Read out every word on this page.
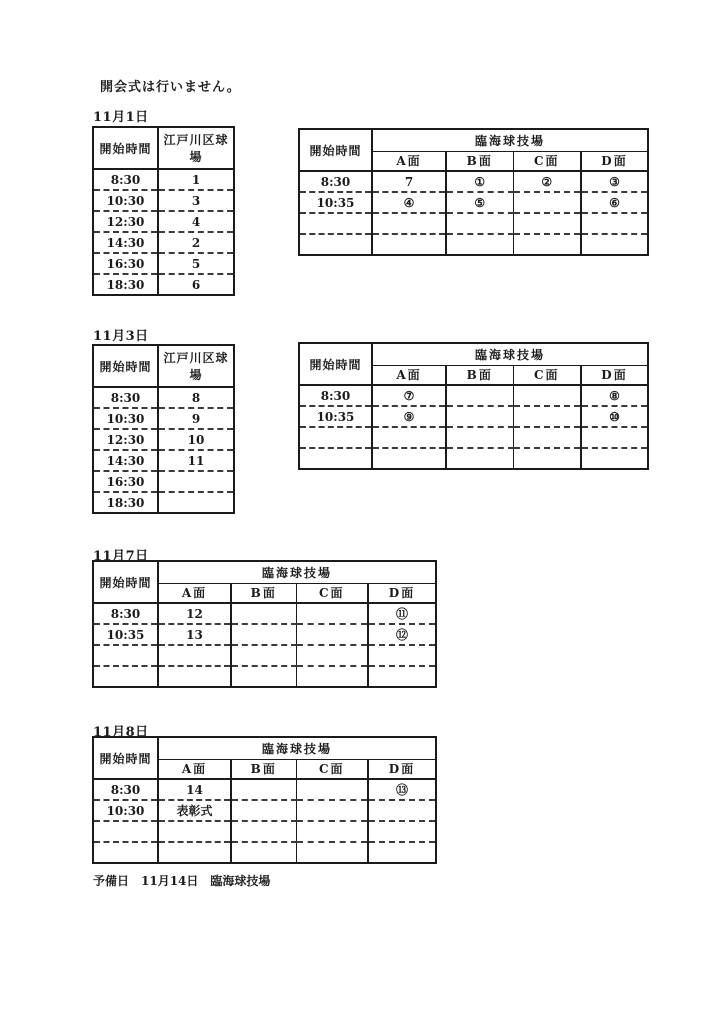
開会式は行いません。
11月1日
開始時間	江戸川区球場
8:30	1
10:30	3
12:30	4
14:30	2
16:30	5
18:30	6
開始時間	臨海球技場			
	A面	B面	C面	D面
8:30	7	①	②	③
10:35	④	⑤		⑥

11月3日
開始時間	江戸川区球場
8:30	8
10:30	9
12:30	10
14:30	11
16:30	
18:30	
開始時間	臨海球技場			
	A面	B面	C面	D面
8:30	⑦			⑧
10:35	⑨			⑩

11月7日
開始時間	臨海球技場			
	A面	B面	C面	D面
8:30	12			⑪
10:35	13			⑫

11月8日
開始時間	臨海球技場			
	A面	B面	C面	D面
8:30	14			⑬
10:30	表彰式			

予備日　11月14日　臨海球技場
